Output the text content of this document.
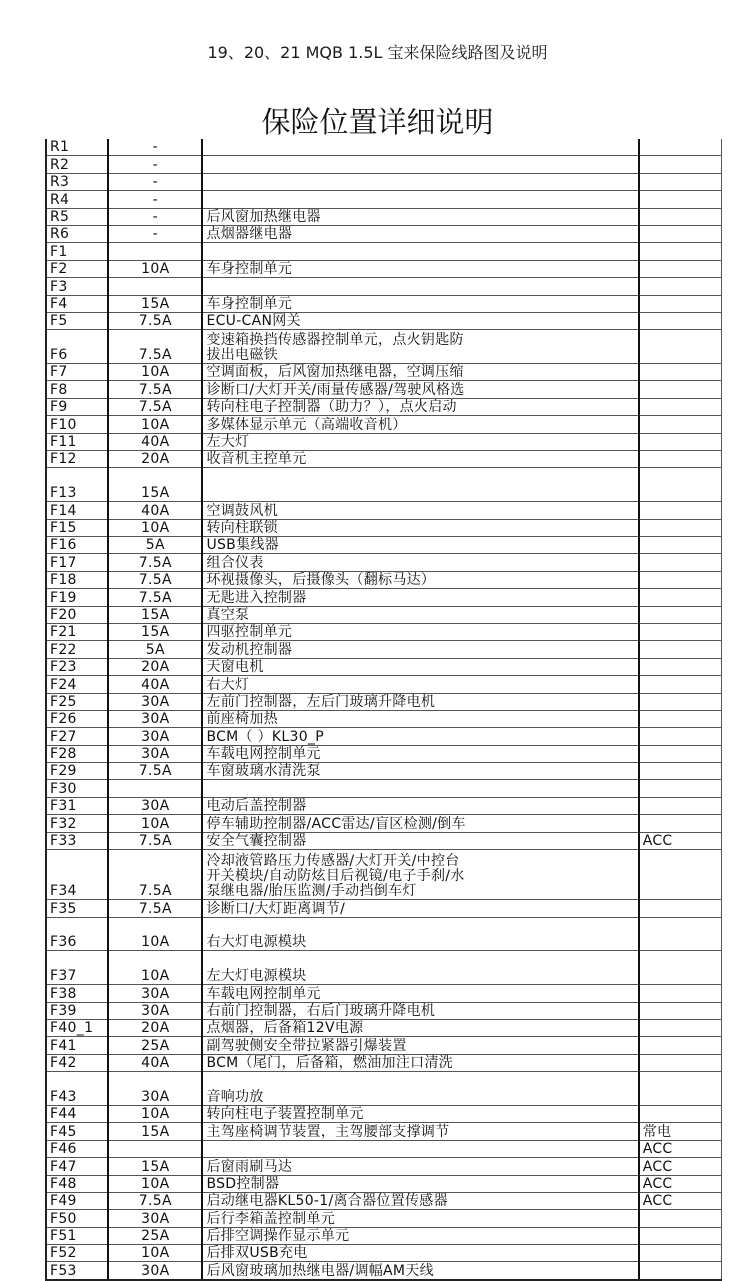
19、20、21 MQB 1.5L 宝来保险线路图及说明
保险位置详细说明
R1	-	

R2	-	

R3	-	

R4	-	

R5	-	后风窗加热继电器	

R6	-	点烟器继电器	

F1		

F2	10A	车身控制单元	

F3		

F4	15A	车身控制单元	

F5	7.5A	ECU-CAN网关	

F6	7.5A	变速箱换挡传感器控制单元，点火钥匙防
拔出电磁铁	

F7	10A	空调面板，后风窗加热继电器，空调压缩	

F8	7.5A	诊断口/大灯开关/雨量传感器/驾驶风格选	

F9	7.5A	转向柱电子控制器（助力？），点火启动	

F10	10A	多媒体显示单元（高端收音机）	

F11	40A	左大灯	

F12	20A	收音机主控单元	

F13	15A	

F14	40A	空调鼓风机	

F15	10A	转向柱联锁	

F16	5A	USB集线器	

F17	7.5A	组合仪表	

F18	7.5A	环视摄像头，后摄像头（翻标马达）	

F19	7.5A	无匙进入控制器	

F20	15A	真空泵	

F21	15A	四驱控制单元	

F22	5A	发动机控制器	

F23	20A	天窗电机	

F24	40A	右大灯	

F25	30A	左前门控制器，左后门玻璃升降电机	

F26	30A	前座椅加热	

F27	30A	BCM（ ）KL30_P	

F28	30A	车载电网控制单元	

F29	7.5A	车窗玻璃水清洗泵	

F30		

F31	30A	电动后盖控制器	

F32	10A	停车辅助控制器/ACC雷达/盲区检测/倒车	

F33	7.5A	安全气囊控制器	ACC
F34	7.5A	冷却液管路压力传感器/大灯开关/中控台
开关模块/自动防炫目后视镜/电子手刹/水
泵继电器/胎压监测/手动挡倒车灯	

F35	7.5A	诊断口/大灯距离调节/	

F36	10A	右大灯电源模块	

F37	10A	左大灯电源模块	

F38	30A	车载电网控制单元	

F39	30A	右前门控制器，右后门玻璃升降电机	

F40_1	20A	点烟器，后备箱12V电源	

F41	25A	副驾驶侧安全带拉紧器引爆装置	

F42	40A	BCM（尾门，后备箱，燃油加注口清洗	

F43	30A	音响功放	

F44	10A	转向柱电子装置控制单元	

F45	15A	主驾座椅调节装置，主驾腰部支撑调节	常电
F46			ACC
F47	15A	后窗雨刷马达	ACC
F48	10A	BSD控制器	ACC
F49	7.5A	启动继电器KL50-1/离合器位置传感器	ACC
F50	30A	后行李箱盖控制单元	

F51	25A	后排空调操作显示单元	

F52	10A	后排双USB充电	

F53	30A	后风窗玻璃加热继电器/调幅AM天线	
